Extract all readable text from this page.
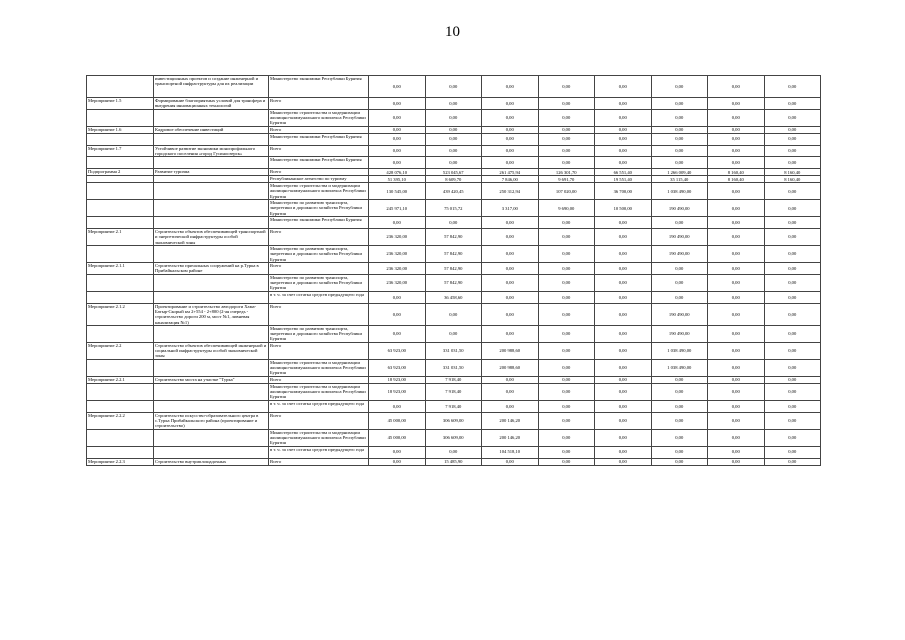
10
	инвестиционных проектов и создание инженерной и транспортной инфраструктуры для их реализации	Министерство экономики Республики Бурятия	0,00	0,00	0,00	0,00	0,00	0,00	0,00	0,00
Мероприятие 1.5	Формирование благоприятных условий для трансфера и внедрения инновационных технологий	Всего	0,00	0,00	0,00	0,00	0,00	0,00	0,00	0,00
		Министерство строительства и модернизации жилищно-коммунального комплекса Республики Бурятия	0,00	0,00	0,00	0,00	0,00	0,00	0,00	0,00
Мероприятие 1.6	Кадровое обеспечение инвестиций	Всего	0,00	0,00	0,00	0,00	0,00	0,00	0,00	0,00
		Министерство экономики Республики Бурятия	0,00	0,00	0,00	0,00	0,00	0,00	0,00	0,00
Мероприятие 1.7	Устойчивое развитие экономики монопрофильного городского поселения «город Гусиноозерск»	Всего	0,00	0,00	0,00	0,00	0,00	0,00	0,00	0,00
		Министерство экономики Республики Бурятия	0,00	0,00	0,00	0,00	0,00	0,00	0,00	0,00
Подпрограмма 2	Развитие туризма	Всего	428 076,10	523 045,67	261 475,94	126 301,70	66 551,40	1 266 009,40	8 160,40	8 160,40
		Республиканское агентство по туризму	51 395,10	8 609,70	7 846,00	9 691,70	19 551,40	35 115,40	8 160,40	8 160,40
		Министерство строительства и модернизации жилищно-коммунального комплекса Республики Бурятия	130 545,00	439 420,45	250 312,94	107 020,00	36 700,00	1 038 490,00	0,00	0,00
		Министерство по развитию транспорта, энергетики и дорожного хозяйства Республики Бурятия	245 971,10	75 015,72	3 317,00	9 690,00	10 500,00	190 490,00	0,00	0,00
		Министерство экономики Республики Бурятия	0,00	0,00	0,00	0,00	0,00	0,00	0,00	0,00
Мероприятие 2.1	Строительство объектов обеспечивающей транспортной и энергетической инфраструктуры особой экономической зоны	Всего	236 320,00	57 842,90	0,00	0,00	0,00	190 490,00	0,00	0,00
		Министерство по развитию транспорта, энергетики и дорожного хозяйства Республики Бурятия	236 320,00	57 842,90	0,00	0,00	0,00	190 490,00	0,00	0,00
Мероприятие 2.1.1	Строительство причальных сооружений на р.Турка в Прибайкальском районе	Всего	236 320,00	57 842,90	0,00	0,00	0,00	0,00	0,00	0,00
		Министерство по развитию транспорта, энергетики и дорожного хозяйства Республики Бурятия	236 320,00	57 842,90	0,00	0,00	0,00	0,00	0,00	0,00
		в т. ч. за счет остатка средств предыдущего года	0,00	36 458,60	0,00	0,00	0,00	0,00	0,00	0,00
Мероприятие 2.1.2	Проектирование и строительство автодороги Хама-Батыр-Скорый км 2+554 - 2+800 (2-ая очередь - строительство дороги 200 м, мост №1, ливневая канализация №1)	Всего	0,00	0,00	0,00	0,00	0,00	190 490,00	0,00	0,00
		Министерство по развитию транспорта, энергетики и дорожного хозяйства Республики Бурятия	0,00	0,00	0,00	0,00	0,00	190 490,00	0,00	0,00
Мероприятие 2.2	Строительство объектов обеспечивающей инженерной и социальной инфраструктуры особой экономической зоны	Всего	63 923,00	331 031,50	200 988,60	0,00	0,00	1 038 490,00	0,00	0,00
		Министерство строительства и модернизации жилищно-коммунального комплекса Республики Бурятия	63 923,00	331 031,50	200 988,60	0,00	0,00	1 038 490,00	0,00	0,00
Мероприятие 2.2.1	Строительство моста на участке "Турка"	Всего	18 923,00	7 918,40	0,00	0,00	0,00	0,00	0,00	0,00
		Министерство строительства и модернизации жилищно-коммунального комплекса Республики Бурятия	18 923,00	7 918,40	0,00	0,00	0,00	0,00	0,00	0,00
		в т. ч. за счет остатка средств предыдущего года	0,00	7 918,40	0,00	0,00	0,00	0,00	0,00	0,00
Мероприятие 2.2.2	Строительство искусство-образовательного центра в с.Турка Прибайкальского района (проектирование и строительство)	Всего	45 000,00	306 609,00	200 146,20	0,00	0,00	0,00	0,00	0,00
		Министерство строительства и модернизации жилищно-коммунального комплекса Республики Бурятия	45 000,00	306 609,00	200 146,20	0,00	0,00	0,00	0,00	0,00
		в т. ч. за счет остатка средств предыдущего года	0,00	0,00	104 518,10	0,00	0,00	0,00	0,00	0,00
Мероприятие 2.2.3	Строительство внутриплощадочных	Всего	0,00	15 485,90	0,00	0,00	0,00	0,00	0,00	0,00
